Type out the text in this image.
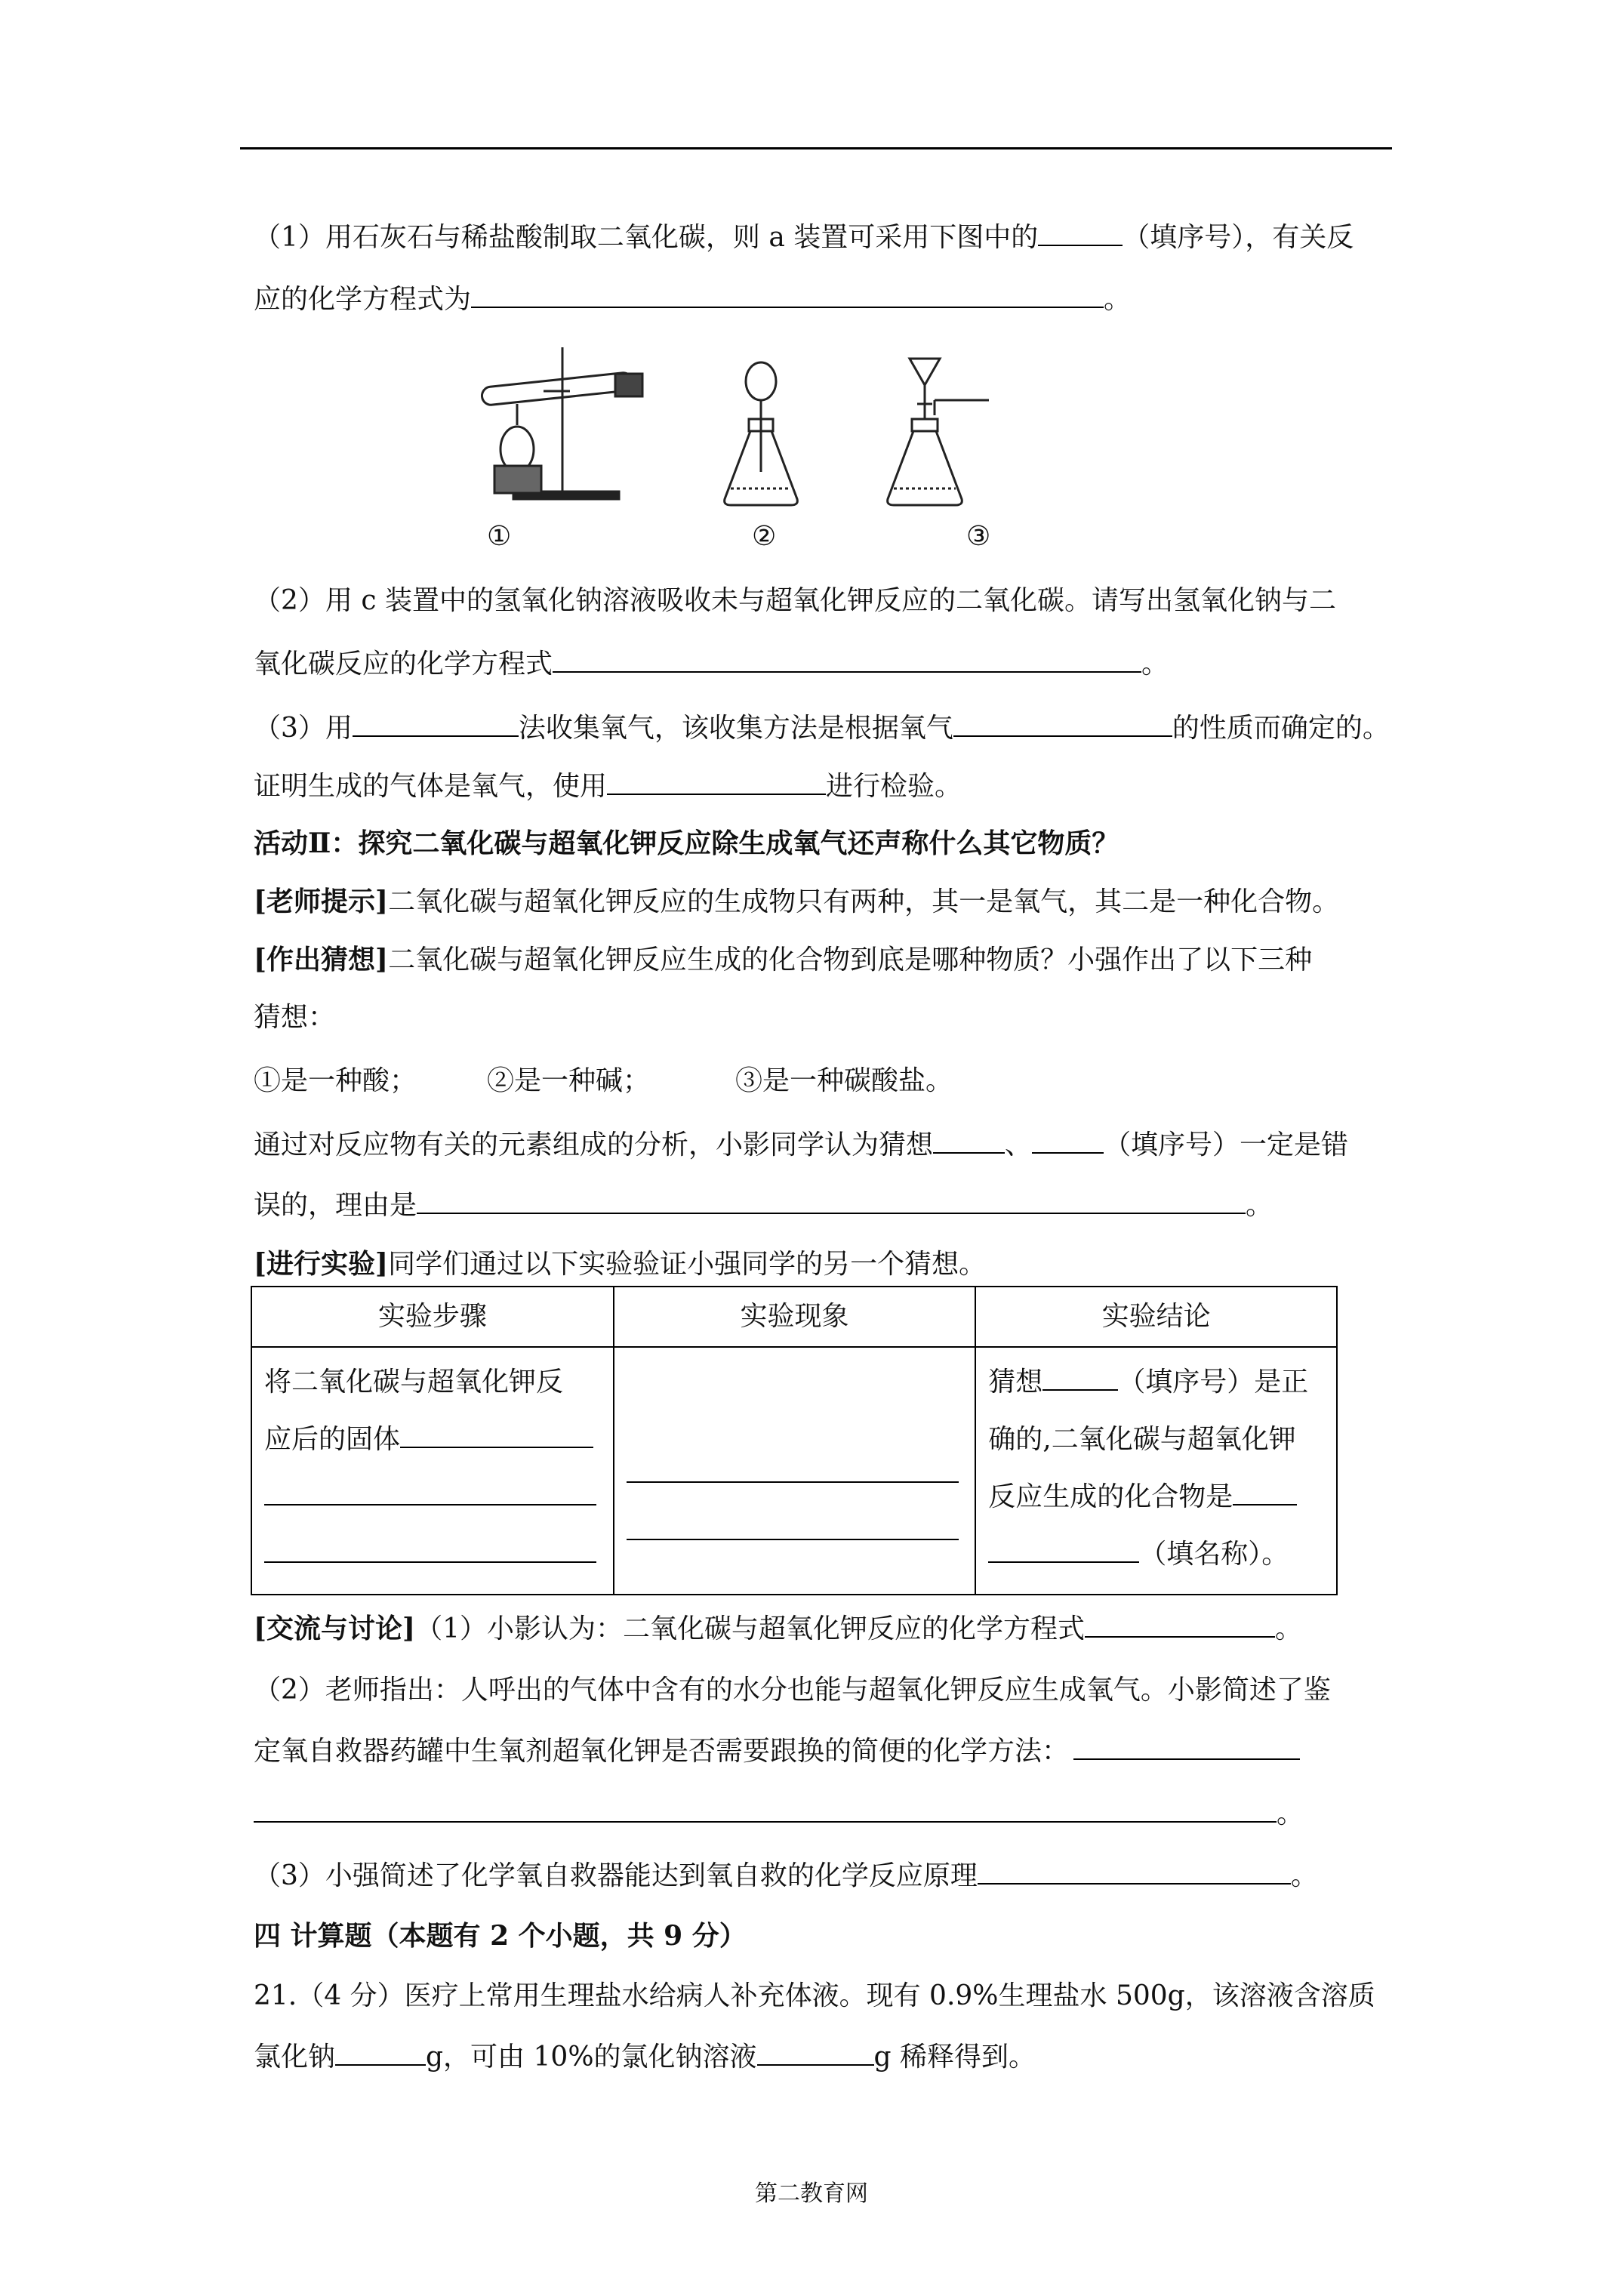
（1）用石灰石与稀盐酸制取二氧化碳，则 a 装置可采用下图中的	（填序号），有关反
应的化学方程式为	。
①	②	③
（2）用 c 装置中的氢氧化钠溶液吸收未与超氧化钾反应的二氧化碳。请写出氢氧化钠与二
氧化碳反应的化学方程式	。
（3）用	法收集氧气，该收集方法是根据氧气	的性质而确定的。
证明生成的气体是氧气，使用	进行检验。
活动Ⅱ：探究二氧化碳与超氧化钾反应除生成氧气还声称什么其它物质？
[老师提示]二氧化碳与超氧化钾反应的生成物只有两种，其一是氧气，其二是一种化合物。
[作出猜想]二氧化碳与超氧化钾反应生成的化合物到底是哪种物质？小强作出了以下三种
猜想：
①是一种酸；	②是一种碱；	③是一种碳酸盐。
通过对反应物有关的元素组成的分析，小影同学认为猜想	、	（填序号）一定是错
误的，理由是	。
[进行实验]同学们通过以下实验验证小强同学的另一个猜想。
实验步骤	实验现象	实验结论

将二氧化碳与超氧化钾反
应后的固体		猜想 （填序号）是正
确的,二氧化碳与超氧化钾
反应生成的化合物是
（填名称）。
[交流与讨论]（1）小影认为：二氧化碳与超氧化钾反应的化学方程式	。
（2）老师指出：人呼出的气体中含有的水分也能与超氧化钾反应生成氧气。小影简述了鉴
定氧自救器药罐中生氧剂超氧化钾是否需要跟换的简便的化学方法：
。
（3）小强简述了化学氧自救器能达到氧自救的化学反应原理	。
四 计算题（本题有 2 个小题，共 9 分）
21.（4 分）医疗上常用生理盐水给病人补充体液。现有 0.9%生理盐水 500g，该溶液含溶质
氯化钠	g，可由 10%的氯化钠溶液	g 稀释得到。
第二教育网
